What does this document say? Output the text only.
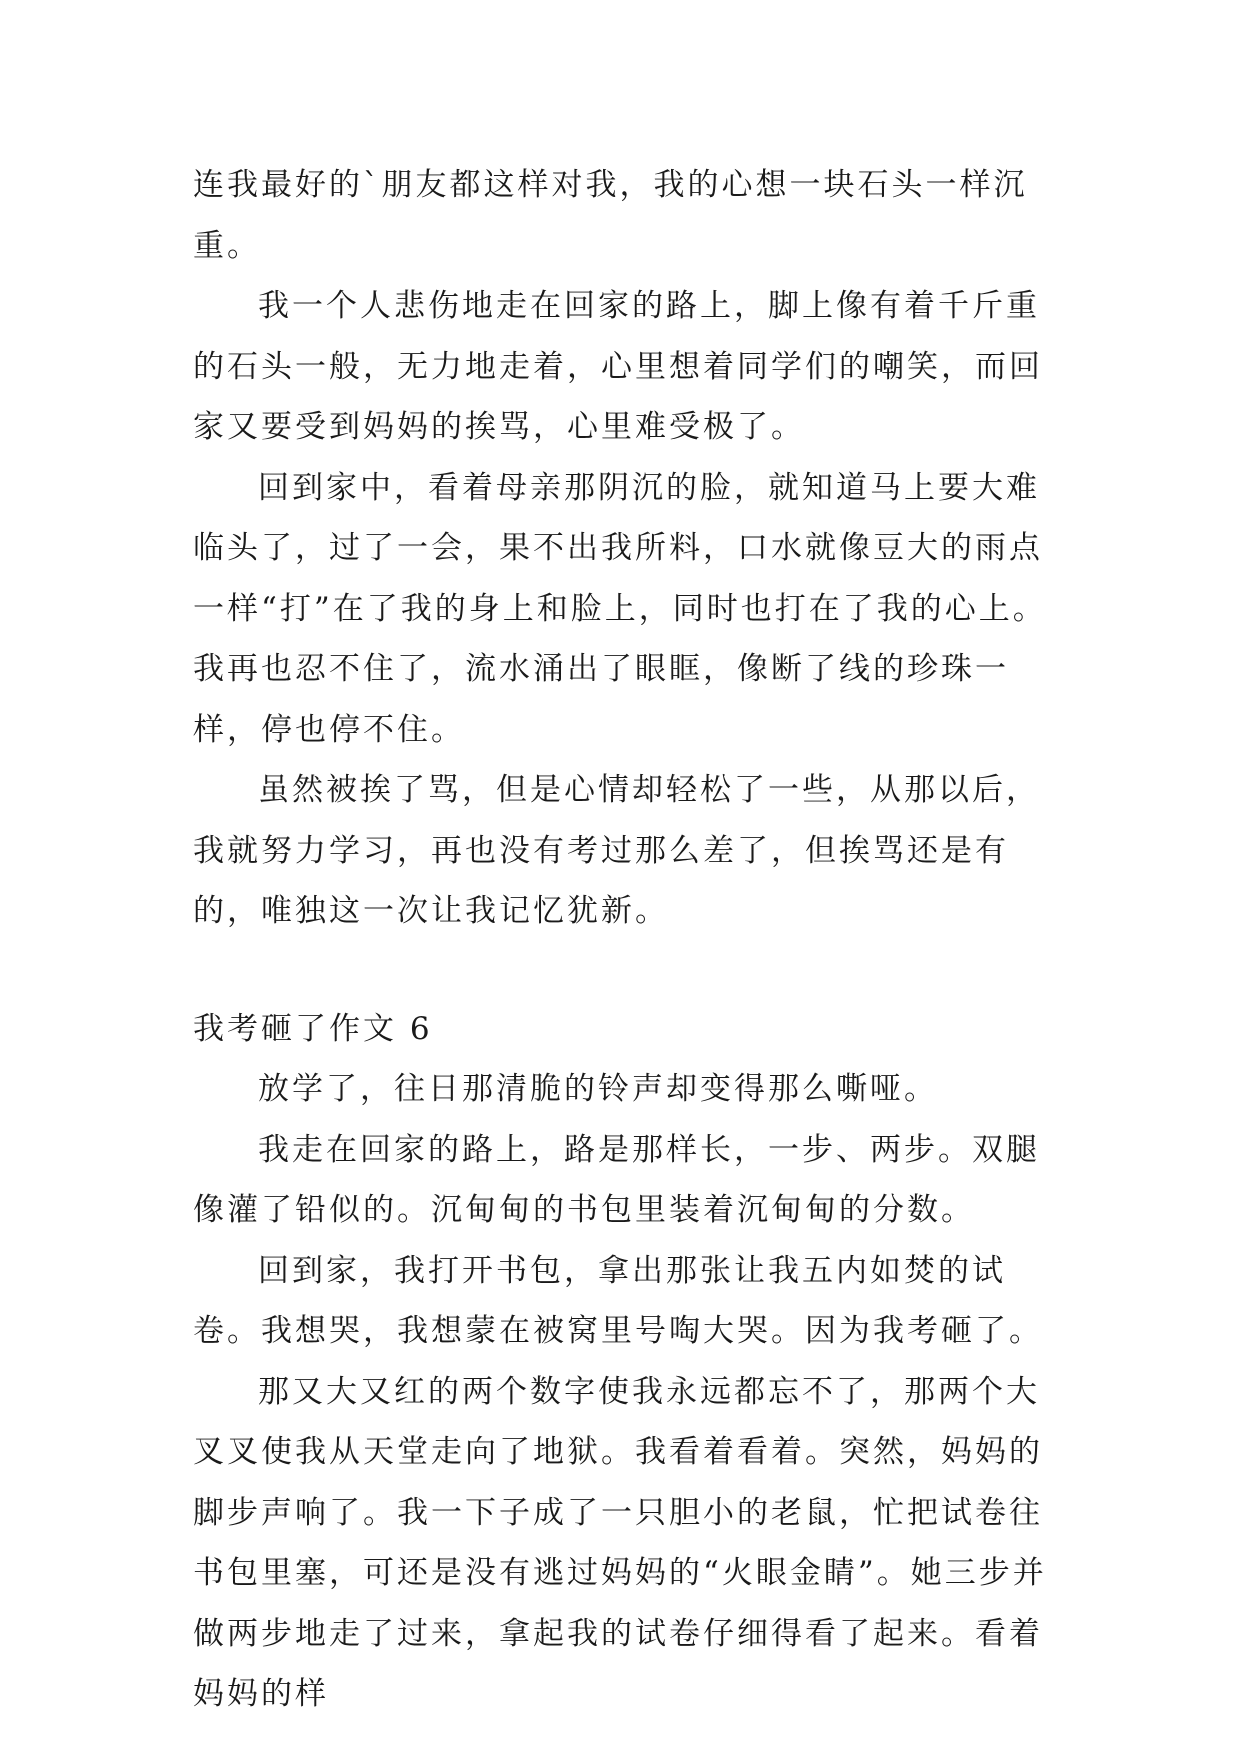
连我最好的`朋友都这样对我，我的心想一块石头一样沉重。

我一个人悲伤地走在回家的路上，脚上像有着千斤重的石头一般，无力地走着，心里想着同学们的嘲笑，而回家又要受到妈妈的挨骂，心里难受极了。

回到家中，看着母亲那阴沉的脸，就知道马上要大难临头了，过了一会，果不出我所料，口水就像豆大的雨点一样“打”在了我的身上和脸上，同时也打在了我的心上。我再也忍不住了，流水涌出了眼眶，像断了线的珍珠一样，停也停不住。

虽然被挨了骂，但是心情却轻松了一些，从那以后，我就努力学习，再也没有考过那么差了，但挨骂还是有的，唯独这一次让我记忆犹新。

我考砸了作文 6

放学了，往日那清脆的铃声却变得那么嘶哑。

我走在回家的路上，路是那样长，一步、两步。双腿像灌了铅似的。沉甸甸的书包里装着沉甸甸的分数。

回到家，我打开书包，拿出那张让我五内如焚的试卷。我想哭，我想蒙在被窝里号啕大哭。因为我考砸了。

那又大又红的两个数字使我永远都忘不了，那两个大叉叉使我从天堂走向了地狱。我看着看着。突然，妈妈的脚步声响了。我一下子成了一只胆小的老鼠，忙把试卷往书包里塞，可还是没有逃过妈妈的“火眼金睛”。她三步并做两步地走了过来，拿起我的试卷仔细得看了起来。看着妈妈的样
